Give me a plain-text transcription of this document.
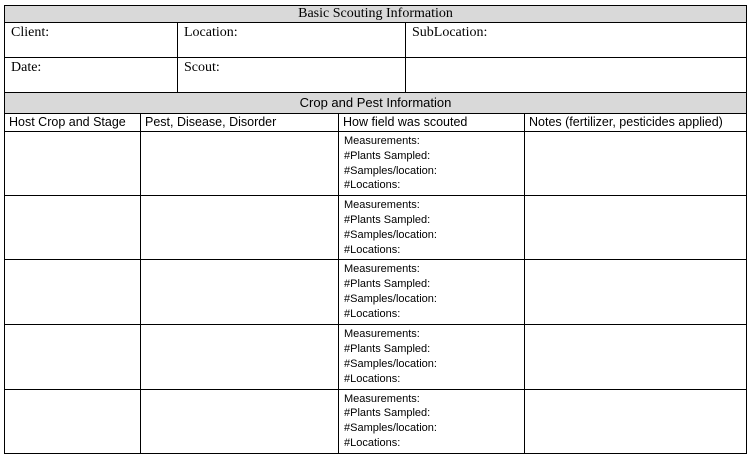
Basic Scouting Information		
Client:	Location:	SubLocation:
Date:	Scout:	
Crop and Pest Information			
Host Crop and Stage	Pest, Disease, Disorder	How field was scouted	Notes (fertilizer, pesticides applied)

		Measurements:
#Plants Sampled:
#Samples/location:
#Locations:	

		Measurements:
#Plants Sampled:
#Samples/location:
#Locations:	

		Measurements:
#Plants Sampled:
#Samples/location:
#Locations:	

		Measurements:
#Plants Sampled:
#Samples/location:
#Locations:	

		Measurements:
#Plants Sampled:
#Samples/location:
#Locations:	
